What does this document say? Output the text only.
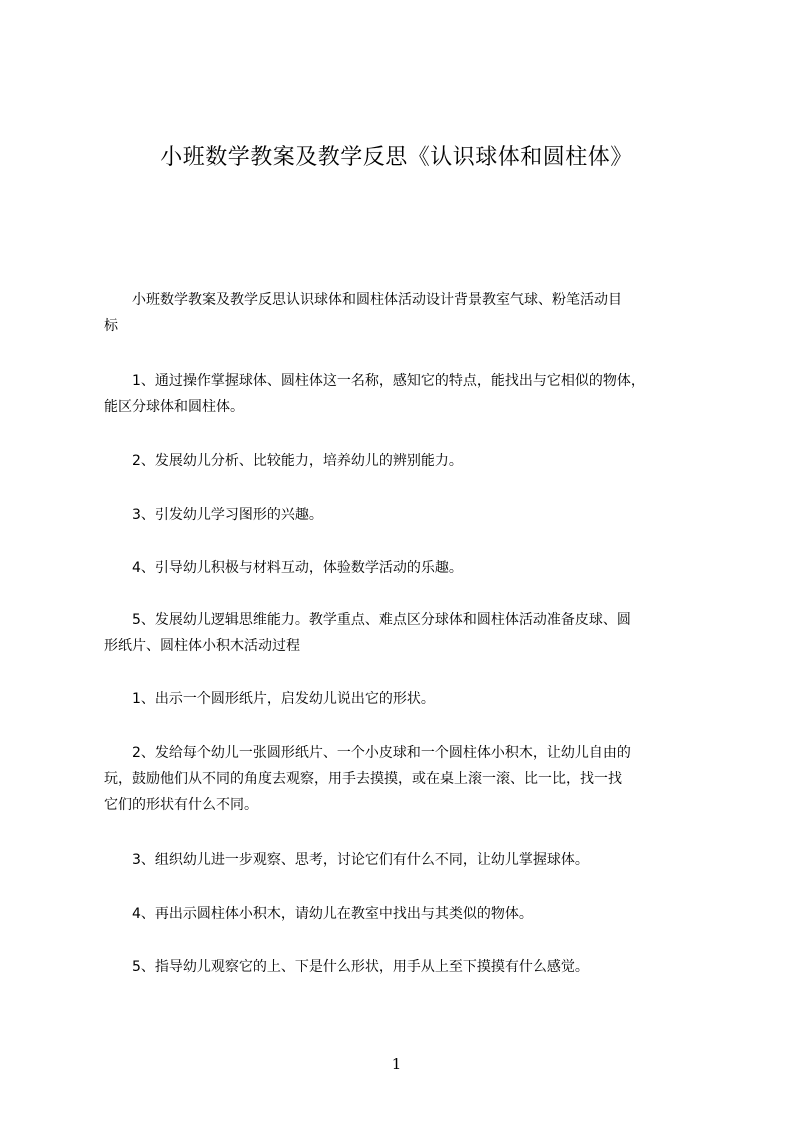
小班数学教案及教学反思《认识球体和圆柱体》
　　小班数学教案及教学反思认识球体和圆柱体活动设计背景教室气球、粉笔活动目
标
　　1、通过操作掌握球体、圆柱体这一名称，感知它的特点，能找出与它相似的物体，
能区分球体和圆柱体。
　　2、发展幼儿分析、比较能力，培养幼儿的辨别能力。
　　3、引发幼儿学习图形的兴趣。
　　4、引导幼儿积极与材料互动，体验数学活动的乐趣。
　　5、发展幼儿逻辑思维能力。教学重点、难点区分球体和圆柱体活动准备皮球、圆
形纸片、圆柱体小积木活动过程
　　1、出示一个圆形纸片，启发幼儿说出它的形状。
　　2、发给每个幼儿一张圆形纸片、一个小皮球和一个圆柱体小积木，让幼儿自由的
玩，鼓励他们从不同的角度去观察，用手去摸摸，或在桌上滚一滚、比一比，找一找
它们的形状有什么不同。
　　3、组织幼儿进一步观察、思考，讨论它们有什么不同，让幼儿掌握球体。
　　4、再出示圆柱体小积木，请幼儿在教室中找出与其类似的物体。
　　5、指导幼儿观察它的上、下是什么形状，用手从上至下摸摸有什么感觉。
1
